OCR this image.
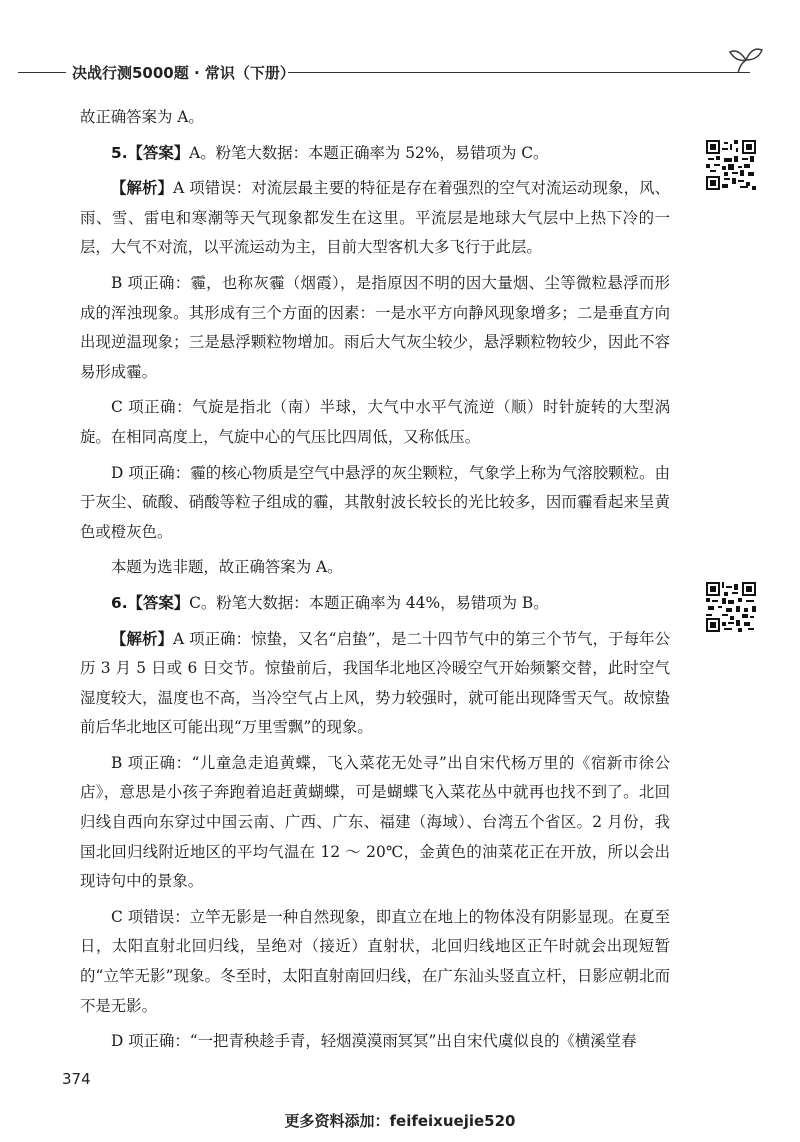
决战行测5000题 · 常识（下册）

故正确答案为 A。

5.【答案】A。粉笔大数据：本题正确率为 52%，易错项为 C。

【解析】A 项错误：对流层最主要的特征是存在着强烈的空气对流运动现象，风、雨、雪、雷电和寒潮等天气现象都发生在这里。平流层是地球大气层中上热下冷的一层，大气不对流，以平流运动为主，目前大型客机大多飞行于此层。

B 项正确：霾，也称灰霾（烟霞），是指原因不明的因大量烟、尘等微粒悬浮而形成的浑浊现象。其形成有三个方面的因素：一是水平方向静风现象增多；二是垂直方向出现逆温现象；三是悬浮颗粒物增加。雨后大气灰尘较少，悬浮颗粒物较少，因此不容易形成霾。

C 项正确：气旋是指北（南）半球，大气中水平气流逆（顺）时针旋转的大型涡旋。在相同高度上，气旋中心的气压比四周低，又称低压。

D 项正确：霾的核心物质是空气中悬浮的灰尘颗粒，气象学上称为气溶胶颗粒。由于灰尘、硫酸、硝酸等粒子组成的霾，其散射波长较长的光比较多，因而霾看起来呈黄色或橙灰色。

本题为选非题，故正确答案为 A。

6.【答案】C。粉笔大数据：本题正确率为 44%，易错项为 B。

【解析】A 项正确：惊蛰，又名“启蛰”，是二十四节气中的第三个节气，于每年公历 3 月 5 日或 6 日交节。惊蛰前后，我国华北地区冷暖空气开始频繁交替，此时空气湿度较大，温度也不高，当冷空气占上风，势力较强时，就可能出现降雪天气。故惊蛰前后华北地区可能出现“万里雪飘”的现象。

B 项正确：“儿童急走追黄蝶，飞入菜花无处寻”出自宋代杨万里的《宿新市徐公店》，意思是小孩子奔跑着追赶黄蝴蝶，可是蝴蝶飞入菜花丛中就再也找不到了。北回归线自西向东穿过中国云南、广西、广东、福建（海域）、台湾五个省区。2 月份，我国北回归线附近地区的平均气温在 12 ～ 20℃，金黄色的油菜花正在开放，所以会出现诗句中的景象。

C 项错误：立竿无影是一种自然现象，即直立在地上的物体没有阴影显现。在夏至日，太阳直射北回归线，呈绝对（接近）直射状，北回归线地区正午时就会出现短暂的“立竿无影”现象。冬至时，太阳直射南回归线，在广东汕头竖直立杆，日影应朝北而不是无影。

D 项正确：“一把青秧趁手青，轻烟漠漠雨冥冥”出自宋代虞似良的《横溪堂春

374
更多资料添加：feifeixuejie520
